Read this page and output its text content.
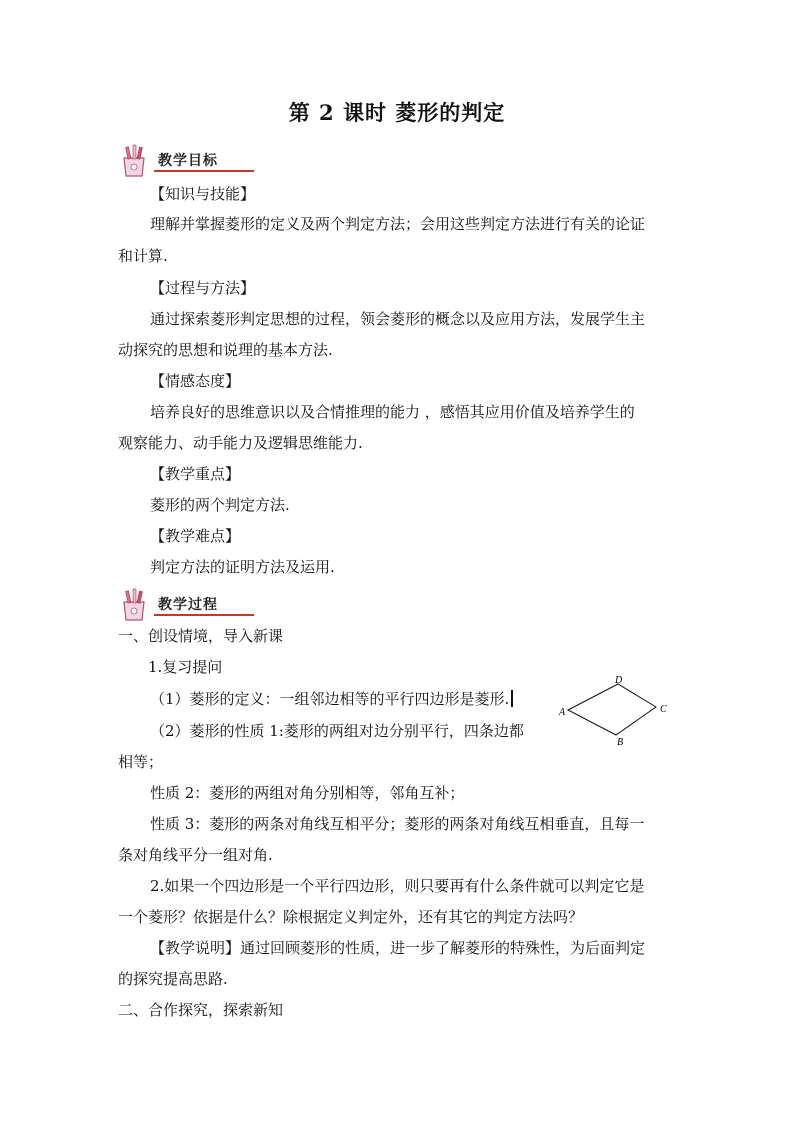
第 2 课时 菱形的判定
教学目标
【知识与技能】
理解并掌握菱形的定义及两个判定方法；会用这些判定方法进行有关的论证
和计算.
【过程与方法】
通过探索菱形判定思想的过程，领会菱形的概念以及应用方法，发展学生主
动探究的思想和说理的基本方法.
【情感态度】
培养良好的思维意识以及合情推理的能力 ，感悟其应用价值及培养学生的
观察能力、动手能力及逻辑思维能力.
【教学重点】
菱形的两个判定方法.
【教学难点】
判定方法的证明方法及运用.
教学过程
一、创设情境，导入新课
1.复习提问
（1）菱形的定义：一组邻边相等的平行四边形是菱形.
（2）菱形的性质 1:菱形的两组对边分别平行，四条边都
相等；
A
D
C
B
性质 2：菱形的两组对角分别相等，邻角互补；
性质 3：菱形的两条对角线互相平分；菱形的两条对角线互相垂直，且每一
条对角线平分一组对角.
2.如果一个四边形是一个平行四边形，则只要再有什么条件就可以判定它是
一个菱形？依据是什么？除根据定义判定外，还有其它的判定方法吗？
【教学说明】通过回顾菱形的性质，进一步了解菱形的特殊性，为后面判定
的探究提高思路.
二、合作探究，探索新知
